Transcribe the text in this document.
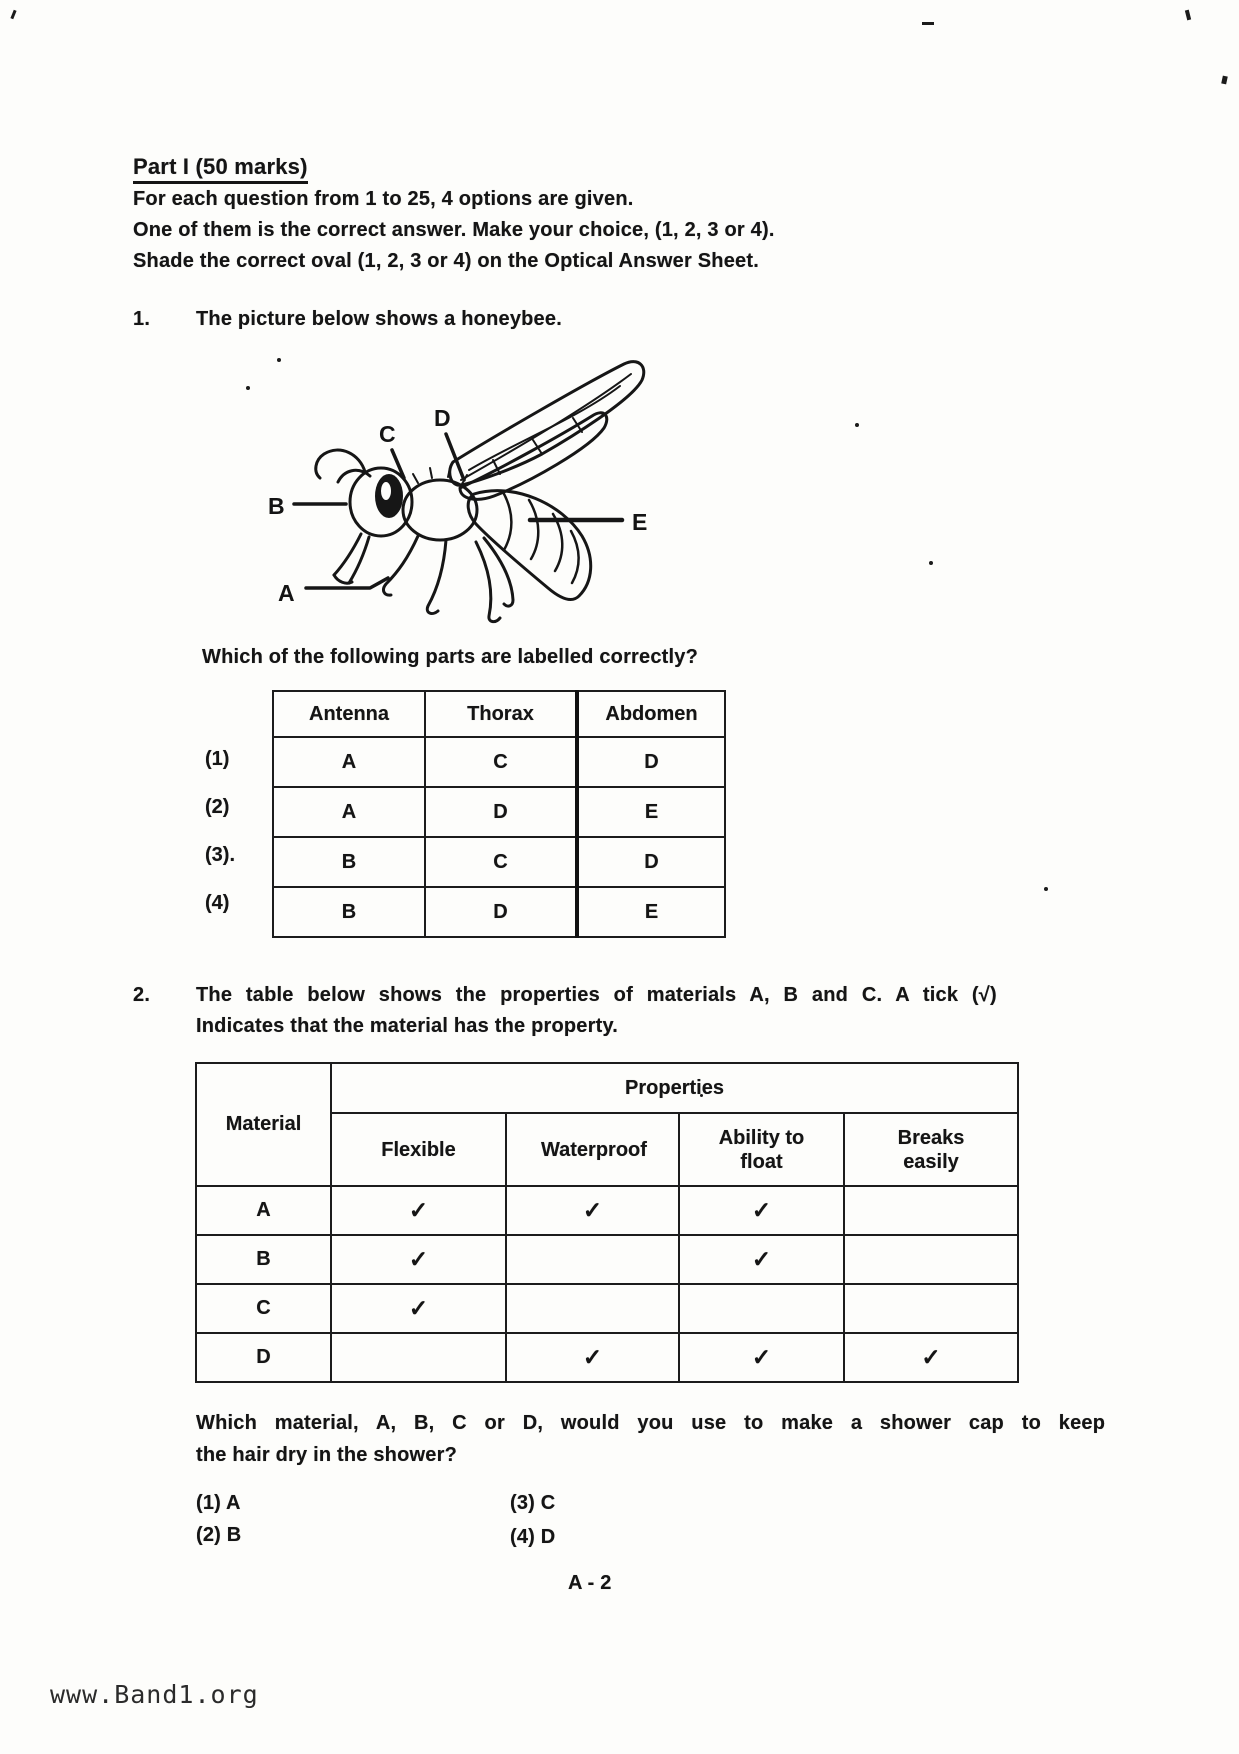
Part I (50 marks)
For each question from 1 to 25, 4 options are given.
One of them is the correct answer. Make your choice, (1, 2, 3 or 4).
Shade the correct oval (1, 2, 3 or 4) on the Optical Answer Sheet.
1. The picture below shows a honeybee.
A
B
C
D
E
Which of the following parts are labelled correctly?
(1)
(2)
(3).
(4)
Antenna	Thorax	Abdomen
A	C	D
A	D	E
B	C	D
B	D	E
2. The table below shows the properties of materials A, B and C. A tick (√)
Indicates that the material has the property.
Material	Properties			
	Flexible	Waterproof	Ability to float	Breaks easily
A	✓	✓	✓	
B	✓		✓	
C	✓			
D		✓	✓	✓
Which material, A, B, C or D, would you use to make a shower cap to keep
the hair dry in the shower?
(1) A
(2) B
(3) C
(4) D
A - 2
www.Band1.org
